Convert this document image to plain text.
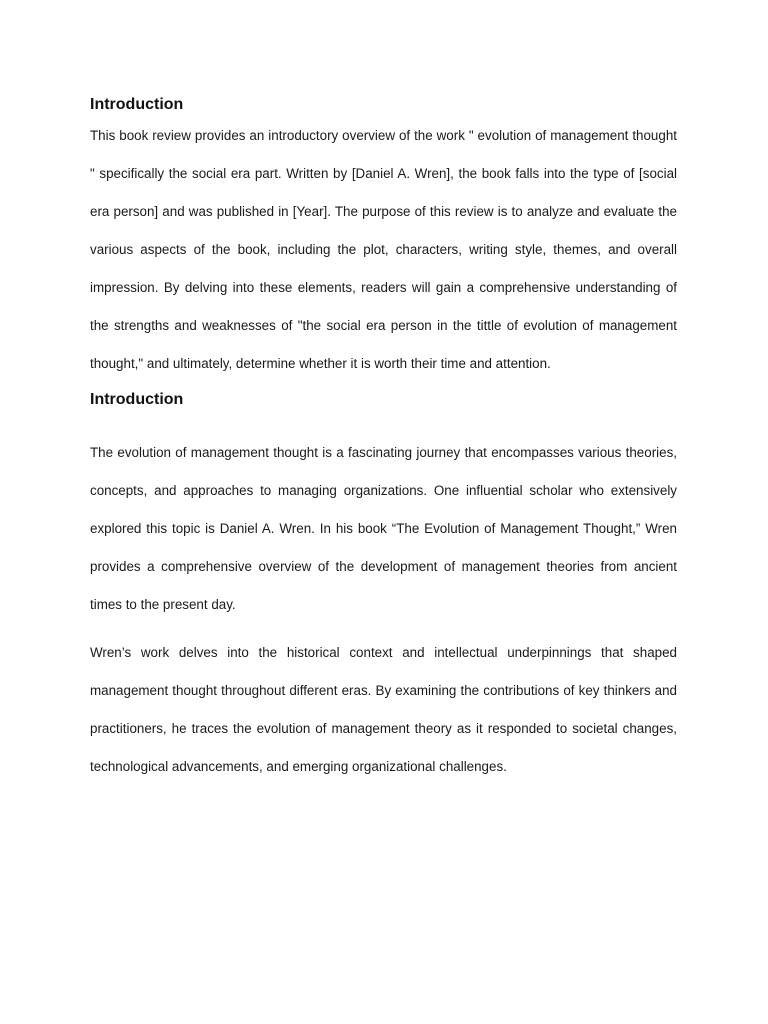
Introduction

This book review provides an introductory overview of the work " evolution of management thought " specifically the social era part. Written by [Daniel A. Wren], the book falls into the type of [social era person] and was published in [Year]. The purpose of this review is to analyze and evaluate the various aspects of the book, including the plot, characters, writing style, themes, and overall impression. By delving into these elements, readers will gain a comprehensive understanding of the strengths and weaknesses of "the social era person in the tittle of evolution of management thought," and ultimately, determine whether it is worth their time and attention.

Introduction

The evolution of management thought is a fascinating journey that encompasses various theories, concepts, and approaches to managing organizations. One influential scholar who extensively explored this topic is Daniel A. Wren. In his book “The Evolution of Management Thought,” Wren provides a comprehensive overview of the development of management theories from ancient times to the present day.

Wren’s work delves into the historical context and intellectual underpinnings that shaped management thought throughout different eras. By examining the contributions of key thinkers and practitioners, he traces the evolution of management theory as it responded to societal changes, technological advancements, and emerging organizational challenges.
